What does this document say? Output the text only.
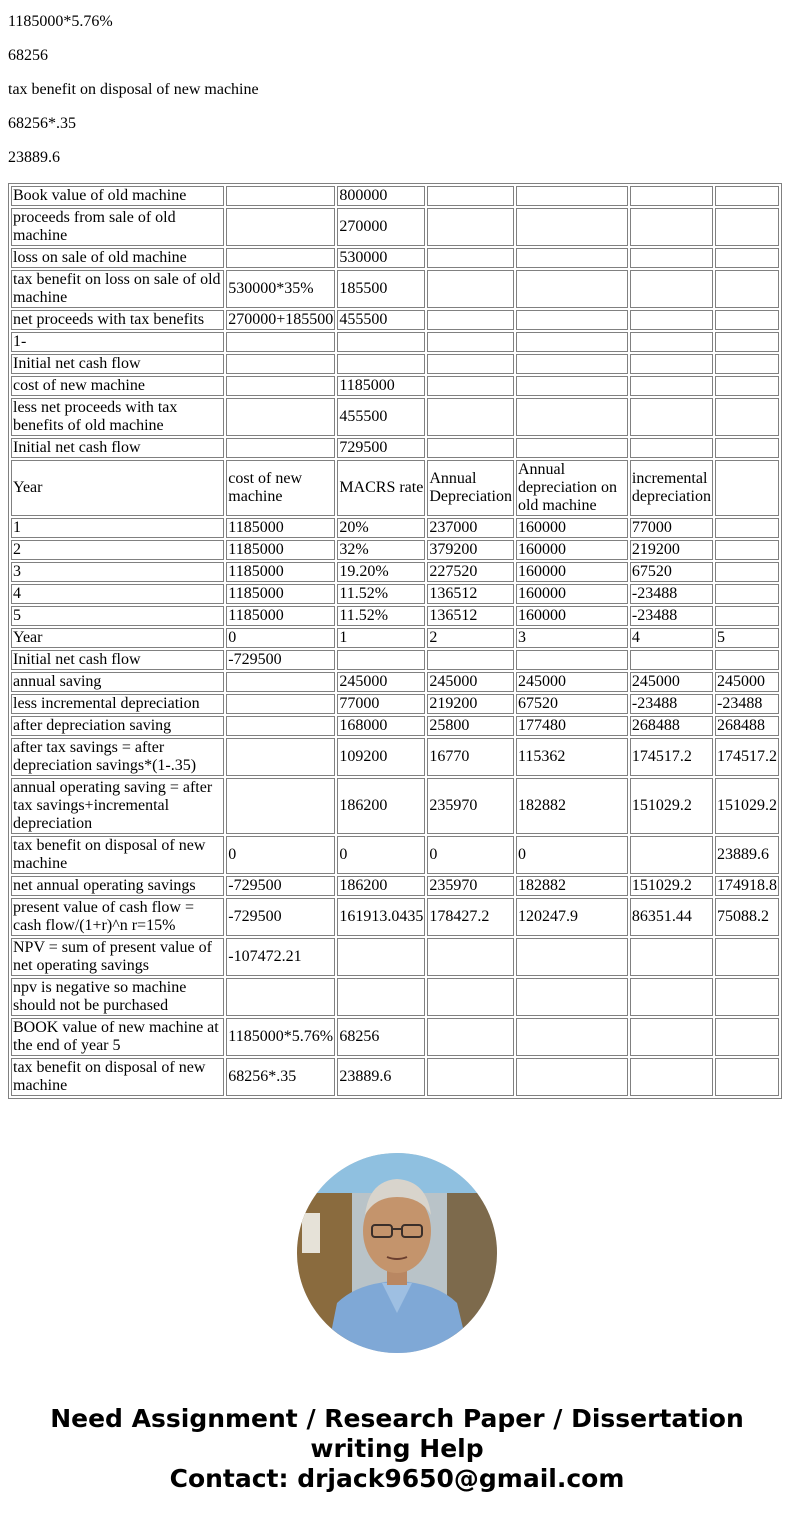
1185000*5.76%

68256

tax benefit on disposal of new machine

68256*.35

23889.6

Book value of old machine		800000				
proceeds from sale of old machine		270000				
loss on sale of old machine		530000				
tax benefit on loss on sale of old machine	530000*35%	185500				
net proceeds with tax benefits	270000+185500	455500				
1-						
Initial net cash flow						
cost of new machine		1185000				
less net proceeds with tax benefits of old machine		455500				
Initial net cash flow		729500				
Year	cost of new machine	MACRS rate	Annual Depreciation	Annual depreciation on old machine	incremental depreciation	
1	1185000	20%	237000	160000	77000	
2	1185000	32%	379200	160000	219200	
3	1185000	19.20%	227520	160000	67520	
4	1185000	11.52%	136512	160000	-23488	
5	1185000	11.52%	136512	160000	-23488	
Year	0	1	2	3	4	5
Initial net cash flow	-729500					
annual saving		245000	245000	245000	245000	245000
less incremental depreciation		77000	219200	67520	-23488	-23488
after depreciation saving		168000	25800	177480	268488	268488
after tax savings = after depreciation savings*(1-.35)		109200	16770	115362	174517.2	174517.2
annual operating saving = after tax savings+incremental depreciation		186200	235970	182882	151029.2	151029.2
tax benefit on disposal of new machine	0	0	0	0		23889.6
net annual operating savings	-729500	186200	235970	182882	151029.2	174918.8
present value of cash flow = cash flow/(1+r)^n r=15%	-729500	161913.0435	178427.2	120247.9	86351.44	75088.2
NPV = sum of present value of net operating savings	-107472.21					
npv is negative so machine should not be purchased						
BOOK value of new machine at the end of year 5	1185000*5.76%	68256				
tax benefit on disposal of new machine	68256*.35	23889.6				
Need Assignment / Research Paper / Dissertation
writing Help
Contact: drjack9650@gmail.com
